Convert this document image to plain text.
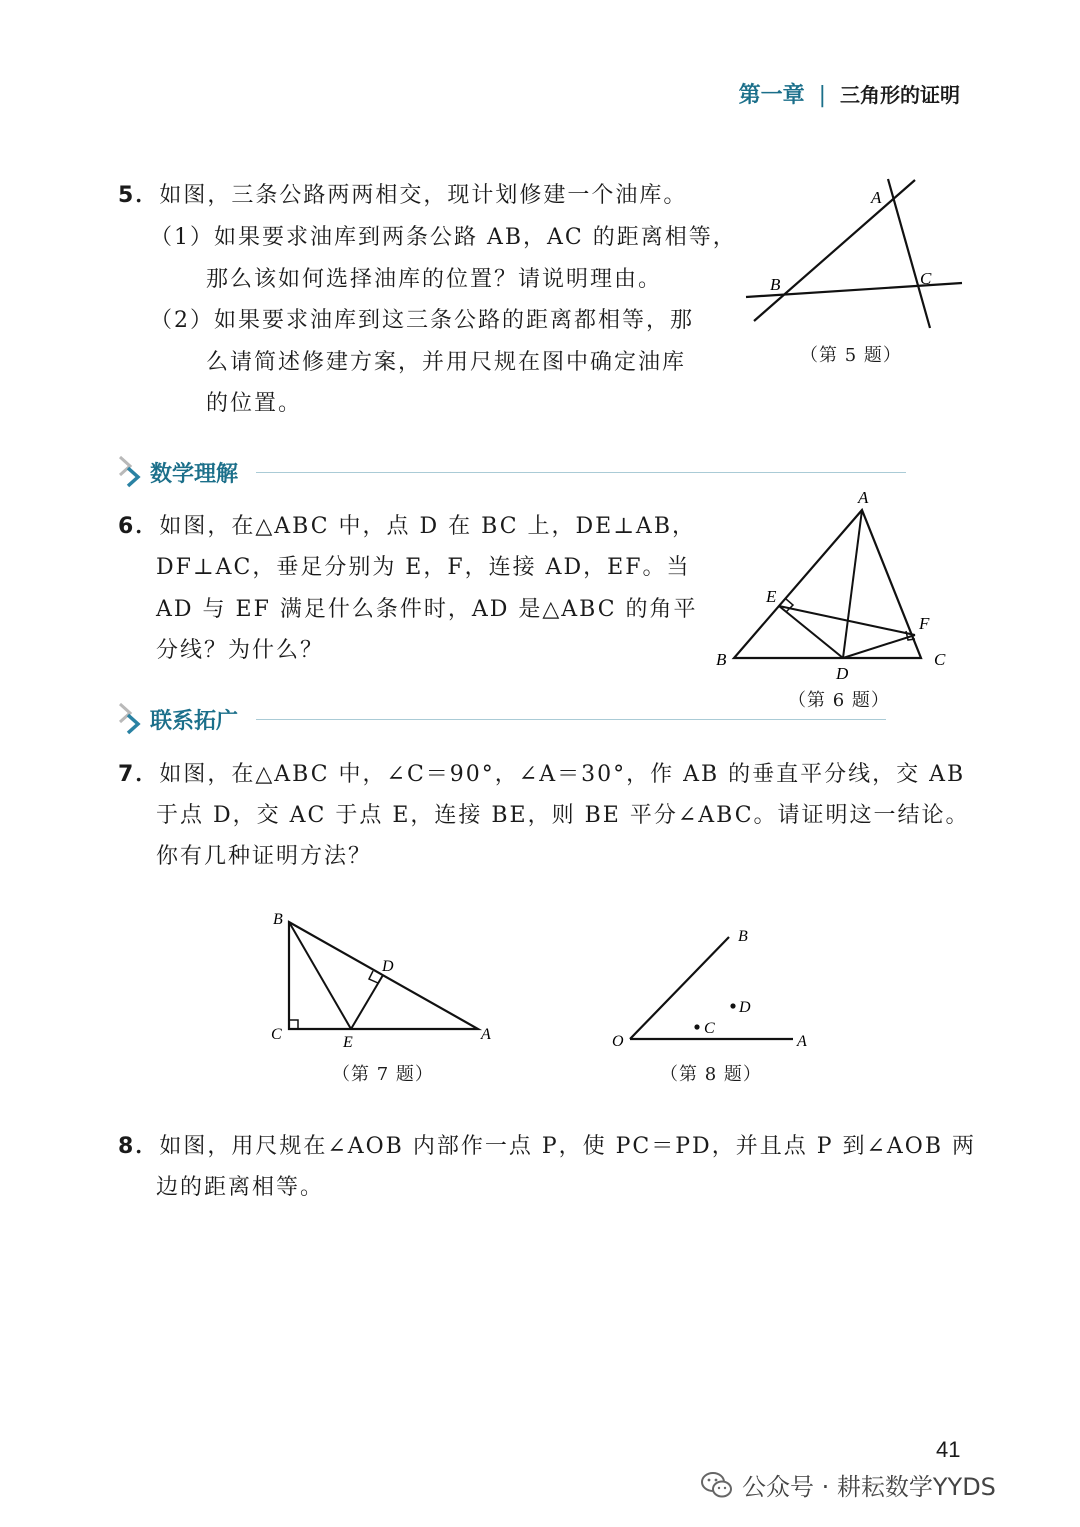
第一章 | 三角形的证明
5．如图，三条公路两两相交，现计划修建一个油库。
（1）如果要求油库到两条公路 AB，AC 的距离相等，
那么该如何选择油库的位置？请说明理由。
（2）如果要求油库到这三条公路的距离都相等，那
么请简述修建方案，并用尺规在图中确定油库
的位置。
A
B	C
（第 5 题）
数学理解
6．如图，在△ABC 中，点 D 在 BC 上，DE⊥AB，
DF⊥AC，垂足分别为 E，F，连接 AD，EF。当
AD 与 EF 满足什么条件时，AD 是△ABC 的角平
分线？为什么？
A
B	C
D
E
F
（第 6 题）
联系拓广
7．如图，在△ABC 中，∠C＝90°，∠A＝30°，作 AB 的垂直平分线，交 AB
于点 D，交 AC 于点 E，连接 BE，则 BE 平分∠ABC。请证明这一结论。
你有几种证明方法？
B
C
D
E	A
（第 7 题）
B
D
C
O	A
（第 8 题）
8．如图，用尺规在∠AOB 内部作一点 P，使 PC＝PD，并且点 P 到∠AOB 两
边的距离相等。
41
公众号 · 耕耘数学YYDS
